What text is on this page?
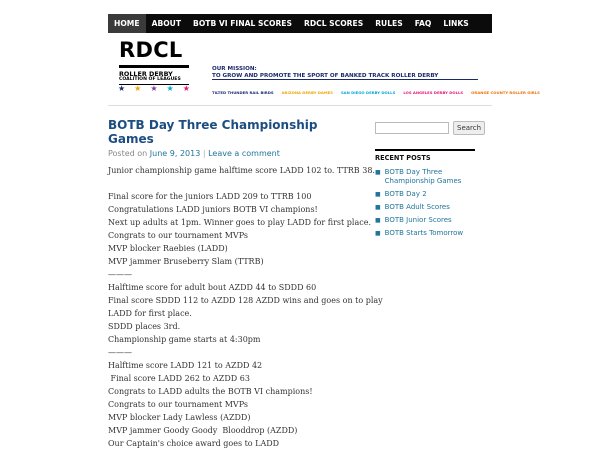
HOME	ABOUT	BOTB VI FINAL SCORES	RDCL SCORES	RULES	FAQ	LINKS
RDCL
ROLLER DERBY
COALITION OF LEAGUES
★ ★ ★ ★ ★
OUR MISSION:
TO GROW AND PROMOTE THE SPORT OF BANKED TRACK ROLLER DERBY
TILTED THUNDER RAIL BIRDS ARIZONA DERBY DAMES SAN DIEGO DERBY DOLLS LOS ANGELES DERBY DOLLS ORANGE COUNTY ROLLER GIRLS
BOTB Day Three Championship Games
Posted on June 9, 2013 | Leave a comment

Junior championship game halftime score LADD 102 to. TTRB 38.

Final score for the juniors LADD 209 to TTRB 100

Congratulations LADD juniors BOTB VI champions!

Next up adults at 1pm. Winner goes to play LADD for first place.

Congrats to our tournament MVPs

MVP blocker Raebies (LADD)

MVP jammer Bruseberry Slam (TTRB)

———

Halftime score for adult bout AZDD 44 to SDDD 60

Final score SDDD 112 to AZDD 128 AZDD wins and goes on to play

LADD for first place.

SDDD places 3rd.

Championship game starts at 4:30pm

———

Halftime score LADD 121 to AZDD 42

Final score LADD 262 to AZDD 63

Congrats to LADD adults the BOTB VI champions!

Congrats to our tournament MVPs

MVP blocker Lady Lawless (AZDD)

MVP jammer Goody Goody  Blooddrop (AZDD)

Our Captain's choice award goes to LADD

Search
RECENT POSTS
■ BOTB Day Three Championship Games
■ BOTB Day 2
■ BOTB Adult Scores
■ BOTB Junior Scores
■ BOTB Starts Tomorrow
